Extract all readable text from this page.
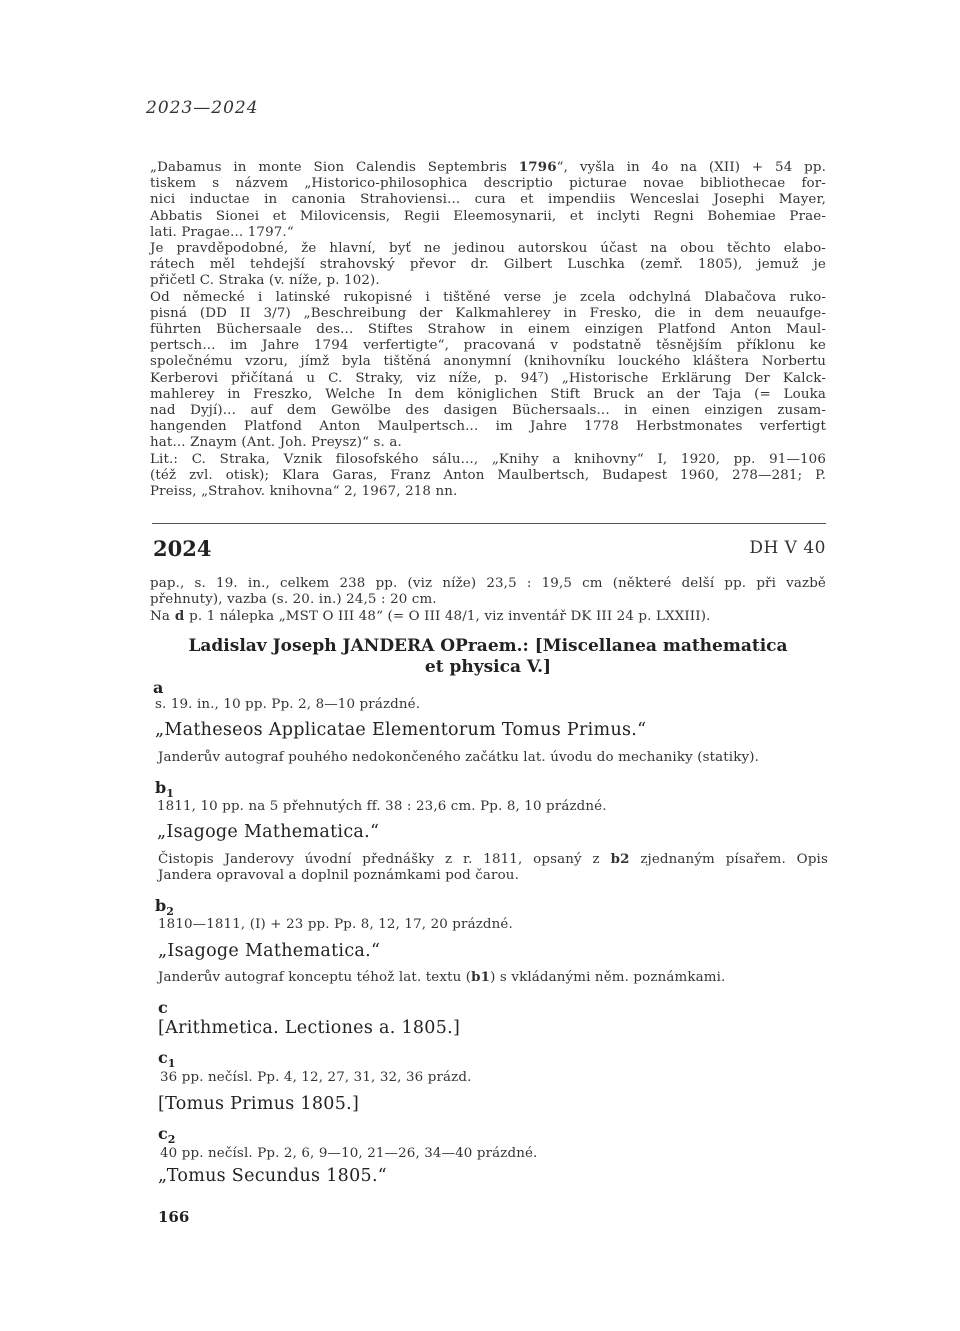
2023—2024
„Dabamus in monte Sion Calendis Septembris 1796“, vyšla in 4o na (XII) + 54 pp.
tiskem s názvem „Historico-philosophica descriptio picturae novae bibliothecae for-
nici inductae in canonia Strahoviensi... cura et impendiis Wenceslai Josephi Mayer,
Abbatis Sionei et Milovicensis, Regii Eleemosynarii, et inclyti Regni Bohemiae Prae-
lati. Pragae... 1797.“
Je pravděpodobné, že hlavní, byť ne jedinou autorskou účast na obou těchto elabo-
rátech měl tehdejší strahovský převor dr. Gilbert Luschka (zemř. 1805), jemuž je
přičetl C. Straka (v. níže, p. 102).
Od německé i latinské rukopisné i tištěné verse je zcela odchylná Dlabačova ruko-
pisná (DD II 3/7) „Beschreibung der Kalkmahlerey in Fresko, die in dem neuaufge-
führten Büchersaale des... Stiftes Strahow in einem einzigen Platfond Anton Maul-
pertsch... im Jahre 1794 verfertigte“, pracovaná v podstatně těsnějším příklonu ke
společnému vzoru, jímž byla tištěná anonymní (knihovníku louckého kláštera Norbertu
Kerberovi přičítaná u C. Straky, viz níže, p. 94⁷) „Historische Erklärung Der Kalck-
mahlerey in Freszko, Welche In dem königlichen Stift Bruck an der Taja (= Louka
nad Dyjí)... auf dem Gewölbe des dasigen Büchersaals... in einen einzigen zusam-
hangenden Platfond Anton Maulpertsch... im Jahre 1778 Herbstmonates verfertigt
hat... Znaym (Ant. Joh. Preysz)“ s. a.
Lit.: C. Straka, Vznik filosofského sálu..., „Knihy a knihovny“ I, 1920, pp. 91—106
(též zvl. otisk); Klara Garas, Franz Anton Maulbertsch, Budapest 1960, 278—281; P.
Preiss, „Strahov. knihovna“ 2, 1967, 218 nn.
2024	DH V 40
pap., s. 19. in., celkem 238 pp. (viz níže) 23,5 : 19,5 cm (některé delší pp. při vazbě
přehnuty), vazba (s. 20. in.) 24,5 : 20 cm.
Na d p. 1 nálepka „MST O III 48“ (= O III 48/1, viz inventář DK III 24 p. LXXIII).
Ladislav Joseph JANDERA OPraem.: [Miscellanea mathematica
et physica V.]
a
s. 19. in., 10 pp. Pp. 2, 8—10 prázdné.
„Matheseos Applicatae Elementorum Tomus Primus.“
Janderův autograf pouhého nedokončeného začátku lat. úvodu do mechaniky (statiky).
$b_1$
1811, 10 pp. na 5 přehnutých ff. 38 : 23,6 cm. Pp. 8, 10 prázdné.
„Isagoge Mathematica.“
Čistopis Janderovy úvodní přednášky z r. 1811, opsaný z b2 zjednaným písařem. Opis
Jandera opravoval a doplnil poznámkami pod čarou.
$b_2$
1810—1811, (I) + 23 pp. Pp. 8, 12, 17, 20 prázdné.
„Isagoge Mathematica.“
Janderův autograf konceptu téhož lat. textu (b1) s vkládanými něm. poznámkami.
c
[Arithmetica. Lectiones a. 1805.]
$c_1$
36 pp. nečísl. Pp. 4, 12, 27, 31, 32, 36 prázd.
[Tomus Primus 1805.]
$c_2$
40 pp. nečísl. Pp. 2, 6, 9—10, 21—26, 34—40 prázdné.
„Tomus Secundus 1805.“
166
